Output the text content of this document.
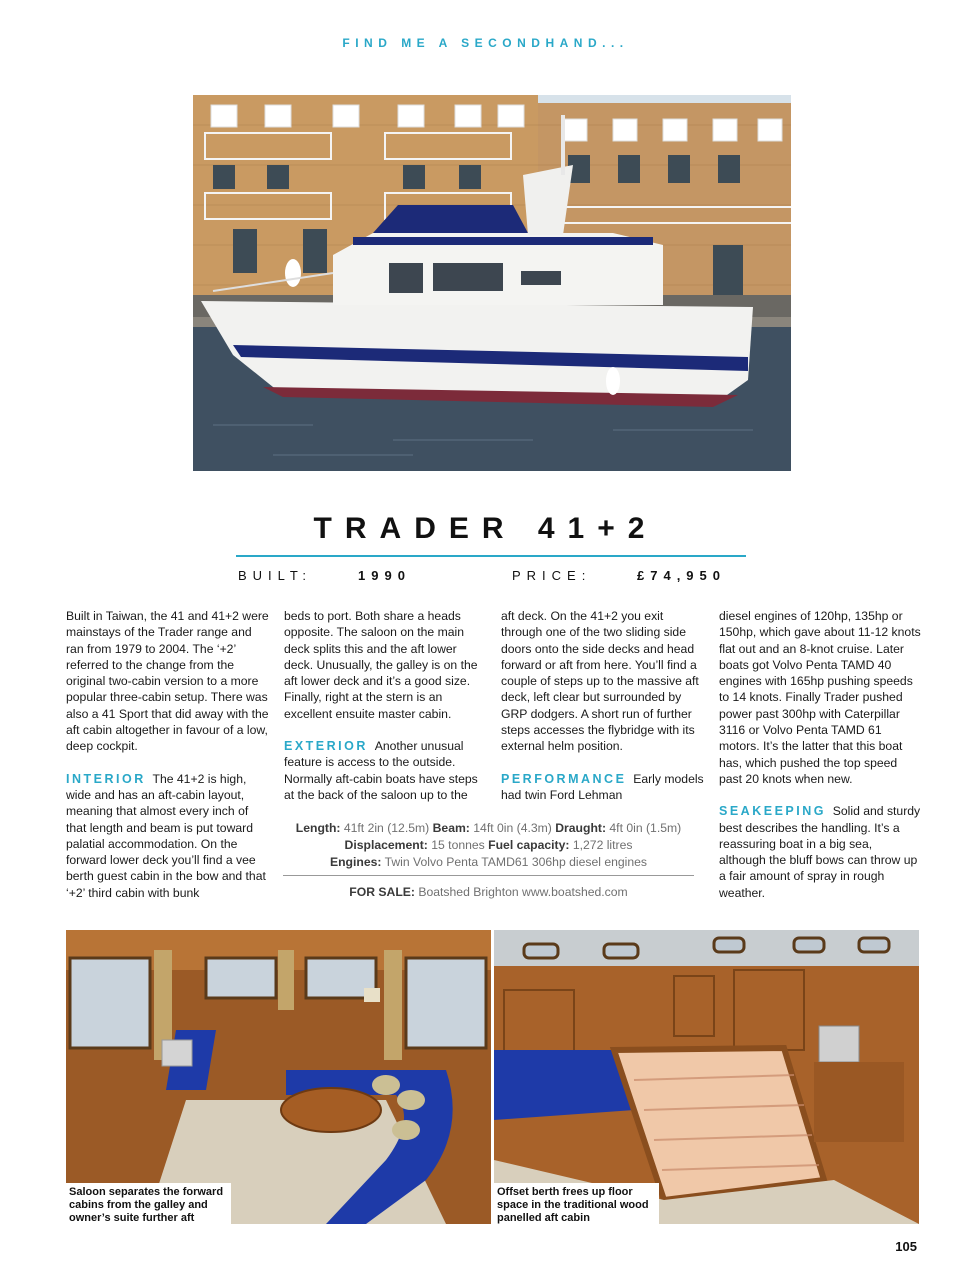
FIND ME A SECONDHAND...
TRADER 41+2
BUILT:	1990	PRICE:	£74,950

Built in Taiwan, the 41 and 41+2 were mainstays of the Trader range and ran from 1979 to 2004. The ‘+2’ referred to the change from the original two-cabin version to a more popular three-cabin setup. There was also a 41 Sport that did away with the aft cabin altogether in favour of a low, deep cockpit.

INTERIOR The 41+2 is high, wide and has an aft-cabin layout, meaning that almost every inch of that length and beam is put toward palatial accommodation. On the forward lower deck you’ll find a vee berth guest cabin in the bow and that ‘+2’ third cabin with bunk

beds to port. Both share a heads opposite. The saloon on the main deck splits this and the aft lower deck. Unusually, the galley is on the aft lower deck and it’s a good size. Finally, right at the stern is an excellent ensuite master cabin.

EXTERIOR Another unusual feature is access to the outside. Normally aft-cabin boats have steps at the back of the saloon up to the

aft deck. On the 41+2 you exit through one of the two sliding side doors onto the side decks and head forward or aft from here. You’ll find a couple of steps up to the massive aft deck, left clear but surrounded by GRP dodgers. A short run of further steps accesses the flybridge with its external helm position.

PERFORMANCE Early models had twin Ford Lehman

diesel engines of 120hp, 135hp or 150hp, which gave about 11-12 knots flat out and an 8-knot cruise. Later boats got Volvo Penta TAMD 40 engines with 165hp pushing speeds to 14 knots. Finally Trader pushed power past 300hp with Caterpillar 3116 or Volvo Penta TAMD 61 motors. It’s the latter that this boat has, which pushed the top speed past 20 knots when new.

SEAKEEPING Solid and sturdy best describes the handling. It’s a reassuring boat in a big sea, although the bluff bows can throw up a fair amount of spray in rough weather.

Length: 41ft 2in (12.5m) Beam: 14ft 0in (4.3m) Draught: 4ft 0in (1.5m)
Displacement: 15 tonnes Fuel capacity: 1,272 litres
Engines: Twin Volvo Penta TAMD61 306hp diesel engines
FOR SALE: Boatshed Brighton www.boatshed.com
Saloon separates the forward cabins from the galley and owner’s suite further aft
Offset berth frees up floor space in the traditional wood panelled aft cabin
105
